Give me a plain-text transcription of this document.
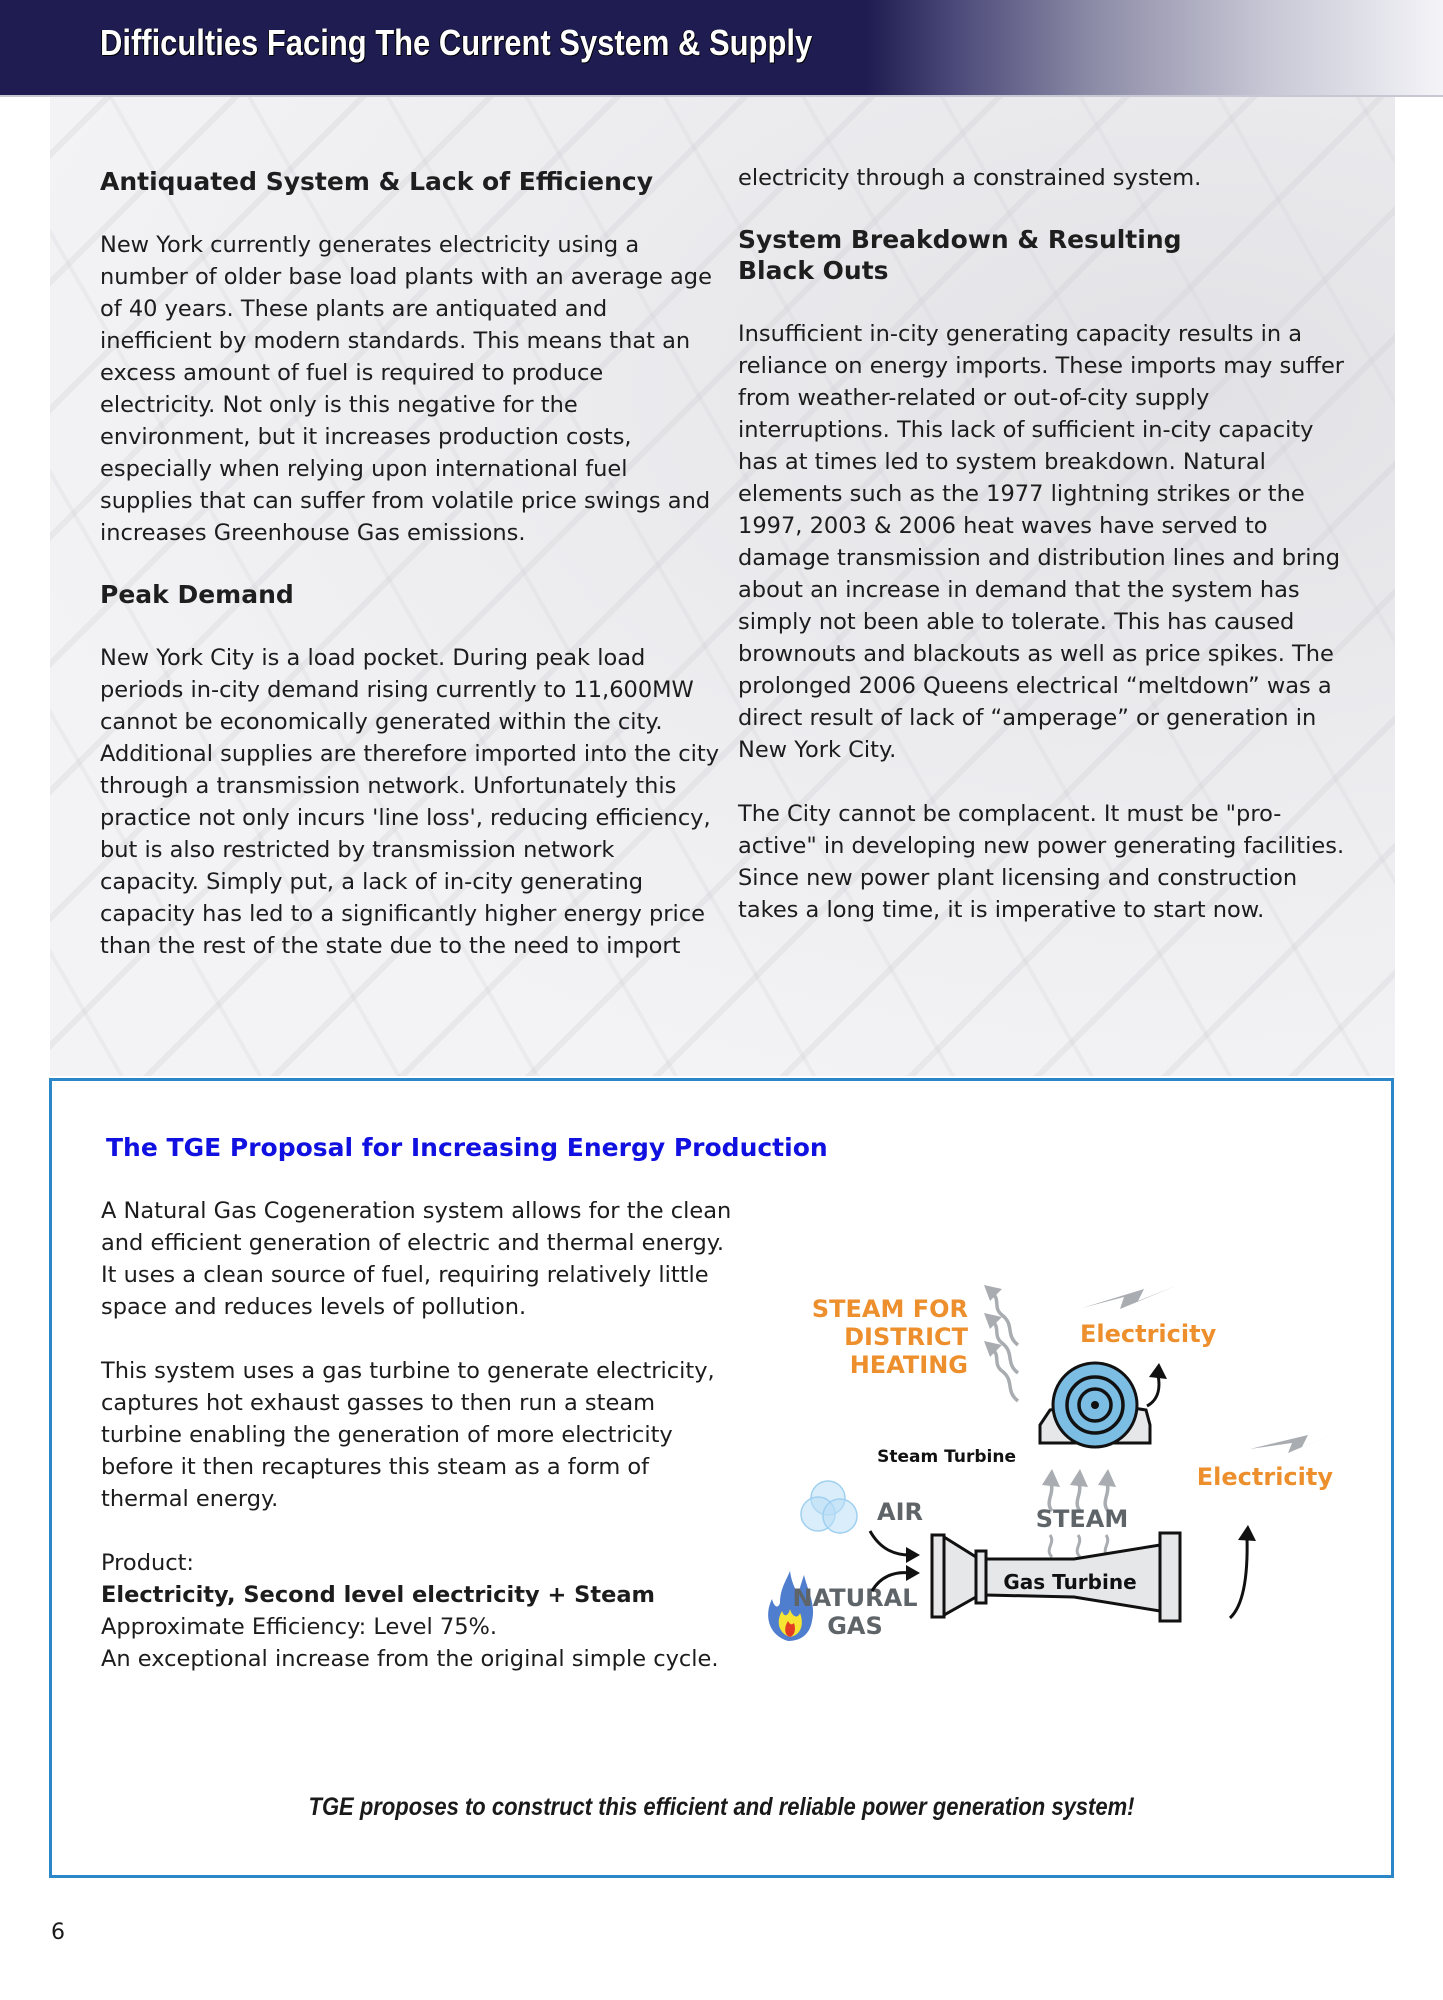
Difficulties Facing The Current System & Supply
Antiquated System & Lack of Efficiency

New York currently generates electricity using a number of older base load plants with an average age of 40 years. These plants are antiquated and inefficient by modern standards. This means that an excess amount of fuel is required to produce electricity. Not only is this negative for the environment, but it increases production costs, especially when relying upon international fuel supplies that can suffer from volatile price swings and increases Greenhouse Gas emissions.

Peak Demand

New York City is a load pocket. During peak load periods in-city demand rising currently to 11,600MW cannot be economically generated within the city. Additional supplies are therefore imported into the city through a transmission network. Unfortunately this practice not only incurs 'line loss', reducing efficiency, but is also restricted by transmission network capacity. Simply put, a lack of in-city generating capacity has led to a significantly higher energy price than the rest of the state due to the need to import

electricity through a constrained system.

System Breakdown & Resulting
Black Outs

Insufficient in-city generating capacity results in a reliance on energy imports. These imports may suffer from weather-related or out-of-city supply interruptions. This lack of sufficient in-city capacity has at times led to system breakdown. Natural elements such as the 1977 lightning strikes or the 1997, 2003 & 2006 heat waves have served to damage transmission and distribution lines and bring about an increase in demand that the system has simply not been able to tolerate. This has caused brownouts and blackouts as well as price spikes. The prolonged 2006 Queens electrical “meltdown” was a direct result of lack of “amperage” or generation in New York City.

The City cannot be complacent. It must be "pro-active" in developing new power generating facilities. Since new power plant licensing and construction takes a long time, it is imperative to start now.

The TGE Proposal for Increasing Energy Production

A Natural Gas Cogeneration system allows for the clean and efficient generation of electric and thermal energy. It uses a clean source of fuel, requiring relatively little space and reduces levels of pollution.

This system uses a gas turbine to generate electricity, captures hot exhaust gasses to then run a steam turbine enabling the generation of more electricity before it then recaptures this steam as a form of thermal energy.

Product:

Electricity, Second level electricity + Steam

Approximate Efficiency: Level 75%.

An exceptional increase from the original simple cycle.

TGE proposes to construct this efficient and reliable power generation system!
STEAM FOR
DISTRICT
HEATING
Electricity
Steam Turbine
STEAM
Electricity
AIR
NATURAL
GAS
Gas Turbine
6
